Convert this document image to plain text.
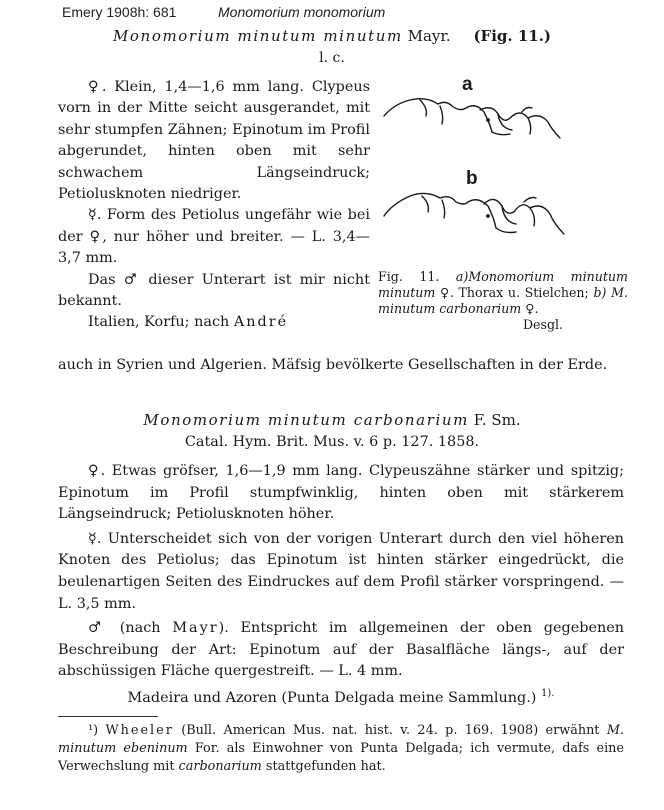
Emery 1908h: 681	Monomorium monomorium
Monomorium minutum minutum Mayr. (Fig. 11.)
l. c.

♀. Klein, 1,4—1,6 mm lang. Clypeus vorn in der Mitte seicht ausgerandet, mit sehr stumpfen Zähnen; Epinotum im Profil abgerundet, hinten oben mit sehr schwachem Längseindruck; Petiolusknoten niedriger.

☿. Form des Petiolus ungefähr wie bei der ♀, nur höher und breiter. — L. 3,4—3,7 mm.

Das ♂ dieser Unterart ist mir nicht bekannt.

Italien, Korfu; nach André

a
b
Fig. 11. a)Monomorium minutum minutum ♀. Thorax u. Stielchen; b) M. minutum carbonarium ♀.
Desgl.
auch in Syrien und Algerien. Mäfsig bevölkerte Gesellschaften in der Erde.
Monomorium minutum carbonarium F. Sm.
Catal. Hym. Brit. Mus. v. 6 p. 127. 1858.

♀. Etwas gröfser, 1,6—1,9 mm lang. Clypeuszähne stärker und spitzig; Epinotum im Profil stumpfwinklig, hinten oben mit stärkerem Längseindruck; Petiolusknoten höher.

☿. Unterscheidet sich von der vorigen Unterart durch den viel höheren Knoten des Petiolus; das Epinotum ist hinten stärker eingedrückt, die beulenartigen Seiten des Eindruckes auf dem Profil stärker vorspringend. — L. 3,5 mm.

♂ (nach Mayr). Entspricht im allgemeinen der oben gegebenen Beschreibung der Art: Epinotum auf der Basalfläche längs-, auf der abschüssigen Fläche quergestreift. — L. 4 mm.

Madeira und Azoren (Punta Delgada meine Sammlung.) $^{1).}$

¹) Wheeler (Bull. American Mus. nat. hist. v. 24. p. 169. 1908) erwähnt M. minutum ebeninum For. als Einwohner von Punta Delgada; ich vermute, dafs eine Verwechslung mit carbonarium stattgefunden hat.
